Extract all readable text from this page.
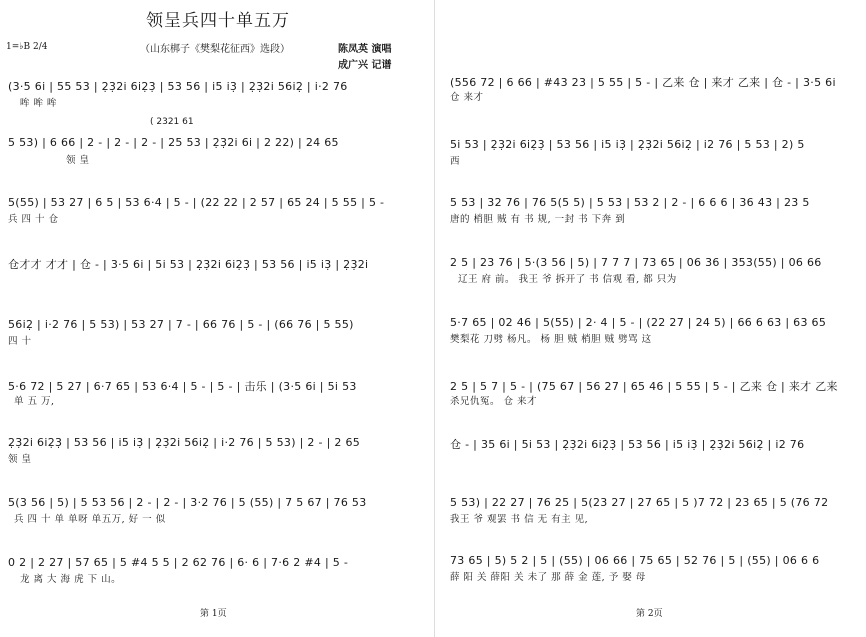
领呈兵四十单五万
（山东梆子《樊梨花征西》选段）
1=♭B 2/4	陈凤英 演唱
成广兴 记谱
(3·5 6i | 55 53 | 2̣3̣2i 6i2̣3̣ | 53 56 | i5 i3̣ | 2̣3̣2i 56i2̣ | i·2 76
哞 哞 哞
( 2321 61
5 53) | 6 66 | 2 - | 2 - | 2 - | 25 53 | 2̣3̣2i 6i | 2 22) | 24 65
领 皇
5(55) | 53 27 | 6 5 | 53 6·4 | 5 - | (22 22 | 2 57 | 65 24 | 5 55 | 5 -
兵 四 十 仓
仓才才 才才 | 仓 - | 3·5 6i | 5i 53 | 2̣3̣2i 6i2̣3̣ | 53 56 | i5 i3̣ | 2̣3̣2i
56i2̣ | i·2 76 | 5 53) | 53 27 | 7 - | 66 76 | 5 - | (66 76 | 5 55)
四 十
5·6 72 | 5 27 | 6·7 65 | 53 6·4 | 5 - | 5 - | 击乐 | (3·5 6i | 5i 53
单 五 万,
2̣3̣2i 6i2̣3̣ | 53 56 | i5 i3̣ | 2̣3̣2i 56i2̣ | i·2 76 | 5 53) | 2 - | 2 65
领 皇
5(3 56 | 5) | 5 53 56 | 2 - | 2 - | 3·2 76 | 5 (55) | 7 5 67 | 76 53
兵 四 十 单 单呀 单五万, 好 一 似
0 2 | 2 27 | 57 65 | 5 #4 5 5 | 2 62 76 | 6· 6 | 7·6 2 #4 | 5 -
龙 离 大 海 虎 下 山。
第 1页
(556 72 | 6 66 | #43 23 | 5 55 | 5 - | 乙来 仓 | 来才 乙来 | 仓 - | 3·5 6i
仓 来才
5i 53 | 2̣3̣2i 6i2̣3̣ | 53 56 | i5 i3̣ | 2̣3̣2i 56i2̣ | i2 76 | 5 53 | 2) 5
西
5 53 | 32 76 | 76 5(5 5) | 5 53 | 53 2 | 2 - | 6 6 6 | 36 43 | 23 5
唐的 梢胆 贼 有 书 规, 一封 书 下奔 到
2 5 | 23 76 | 5·(3 56 | 5) | 7 7 7 | 73 65 | 06 36 | 353(55) | 06 66
辽王 府 前。 我王 爷 拆开了 书 信观 看, 都 只为
5·7 65 | 02 46 | 5(55) | 2· 4 | 5 - | (22 27 | 24 5) | 66 6 63 | 63 65
樊梨花 刀劈 杨凡。 杨 胆 贼 梢胆 贼 劈骂 这
2 5 | 5 7 | 5 - | (75 67 | 56 27 | 65 46 | 5 55 | 5 - | 乙来 仓 | 来才 乙来
杀兄仇冤。 仓 来才
仓 - | 35 6i | 5i 53 | 2̣3̣2i 6i2̣3̣ | 53 56 | i5 i3̣ | 2̣3̣2i 56i2̣ | i2 76
5 53) | 22 27 | 76 25 | 5(23 27 | 27 65 | 5 )7 72 | 23 65 | 5 (76 72
我王 爷 观罢 书 信 无 有主 见,
73 65 | 5) 5 2 | 5 | (55) | 06 66 | 75 65 | 52 76 | 5 | (55) | 06 6 6
薛 阳 关 薛阳 关 未了 那 薛 金 莲, 予 娶 母
第 2页
